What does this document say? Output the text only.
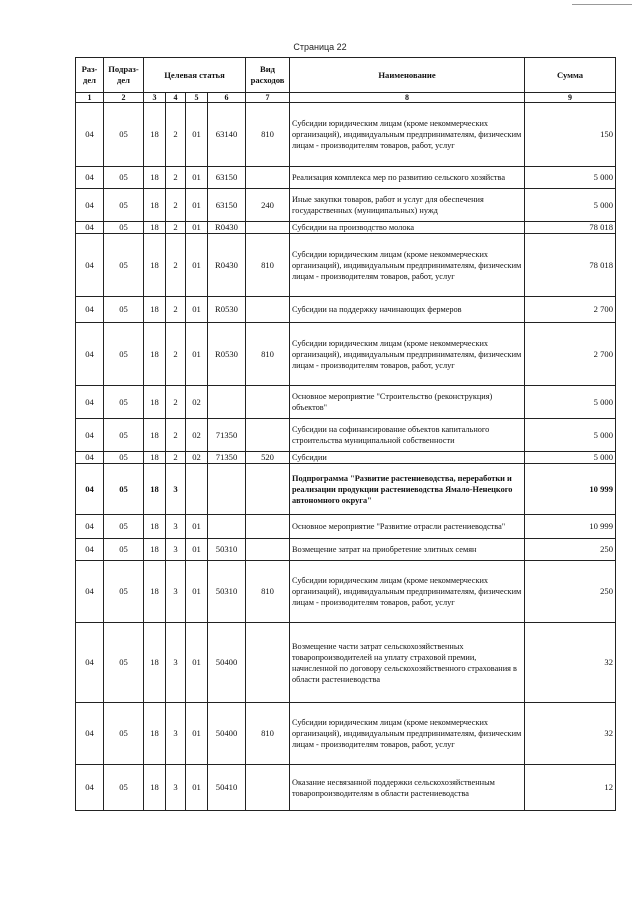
Страница 22
Раз-дел	Подраз-дел	Целевая статья				Вид расходов	Наименование	Сумма
1	2	3	4	5	6	7	8	9
04	05	18	2	01	63140	810	Субсидии юридическим лицам (кроме некоммерческих организаций), индивидуальным предпринимателям, физическим лицам - производителям товаров, работ, услуг	150
04	05	18	2	01	63150		Реализация комплекса мер по развитию сельского хозяйства	5 000
04	05	18	2	01	63150	240	Иные закупки товаров, работ и услуг для обеспечения государственных (муниципальных) нужд	5 000
04	05	18	2	01	R0430		Субсидии на производство молока	78 018
04	05	18	2	01	R0430	810	Субсидии юридическим лицам (кроме некоммерческих организаций), индивидуальным предпринимателям, физическим лицам - производителям товаров, работ, услуг	78 018
04	05	18	2	01	R0530		Субсидии на поддержку начинающих фермеров	2 700
04	05	18	2	01	R0530	810	Субсидии юридическим лицам (кроме некоммерческих организаций), индивидуальным предпринимателям, физическим лицам - производителям товаров, работ, услуг	2 700
04	05	18	2	02			Основное мероприятие "Строительство (реконструкция) объектов"	5 000
04	05	18	2	02	71350		Субсидии на софинансирование объектов капитального строительства муниципальной собственности	5 000
04	05	18	2	02	71350	520	Субсидии	5 000
04	05	18	3				Подпрограмма "Развитие растениеводства, переработки и реализации продукции растениеводства Ямало-Ненецкого автономного округа"	10 999
04	05	18	3	01			Основное мероприятие "Развитие отрасли растениеводства"	10 999
04	05	18	3	01	50310		Возмещение затрат на приобретение элитных семян	250
04	05	18	3	01	50310	810	Субсидии юридическим лицам (кроме некоммерческих организаций), индивидуальным предпринимателям, физическим лицам - производителям товаров, работ, услуг	250
04	05	18	3	01	50400		Возмещение части затрат сельскохозяйственных товаропроизводителей на уплату страховой премии, начисленной по договору сельскохозяйственного страхования в области растениеводства	32
04	05	18	3	01	50400	810	Субсидии юридическим лицам (кроме некоммерческих организаций), индивидуальным предпринимателям, физическим лицам - производителям товаров, работ, услуг	32
04	05	18	3	01	50410		Оказание несвязанной поддержки сельскохозяйственным товаропроизводителям в области растениеводства	12
